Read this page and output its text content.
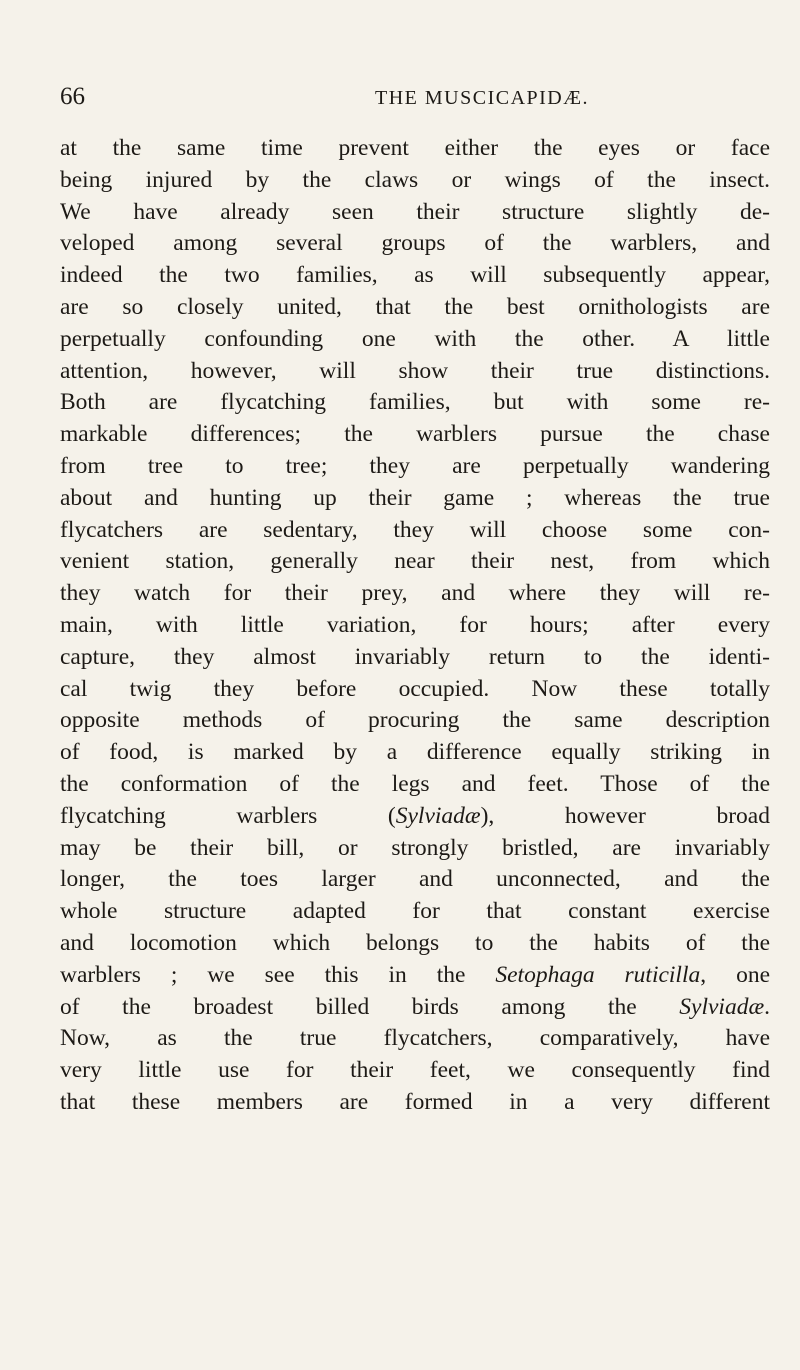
66	THE MUSCICAPIDÆ.
at the same time prevent either the eyes or face
being injured by the claws or wings of the insect.
We have already seen their structure slightly de-
veloped among several groups of the warblers, and
indeed the two families, as will subsequently appear,
are so closely united, that the best ornithologists are
perpetually confounding one with the other. A little
attention, however, will show their true distinctions.
Both are flycatching families, but with some re-
markable differences; the warblers pursue the chase
from tree to tree; they are perpetually wandering
about and hunting up their game ; whereas the true
flycatchers are sedentary, they will choose some con-
venient station, generally near their nest, from which
they watch for their prey, and where they will re-
main, with little variation, for hours; after every
capture, they almost invariably return to the identi-
cal twig they before occupied. Now these totally
opposite methods of procuring the same description
of food, is marked by a difference equally striking in
the conformation of the legs and feet. Those of the
flycatching warblers (Sylviadæ), however broad
may be their bill, or strongly bristled, are invariably
longer, the toes larger and unconnected, and the
whole structure adapted for that constant exercise
and locomotion which belongs to the habits of the
warblers ; we see this in the Setophaga ruticilla, one
of the broadest billed birds among the Sylviadæ.
Now, as the true flycatchers, comparatively, have
very little use for their feet, we consequently find
that these members are formed in a very different
